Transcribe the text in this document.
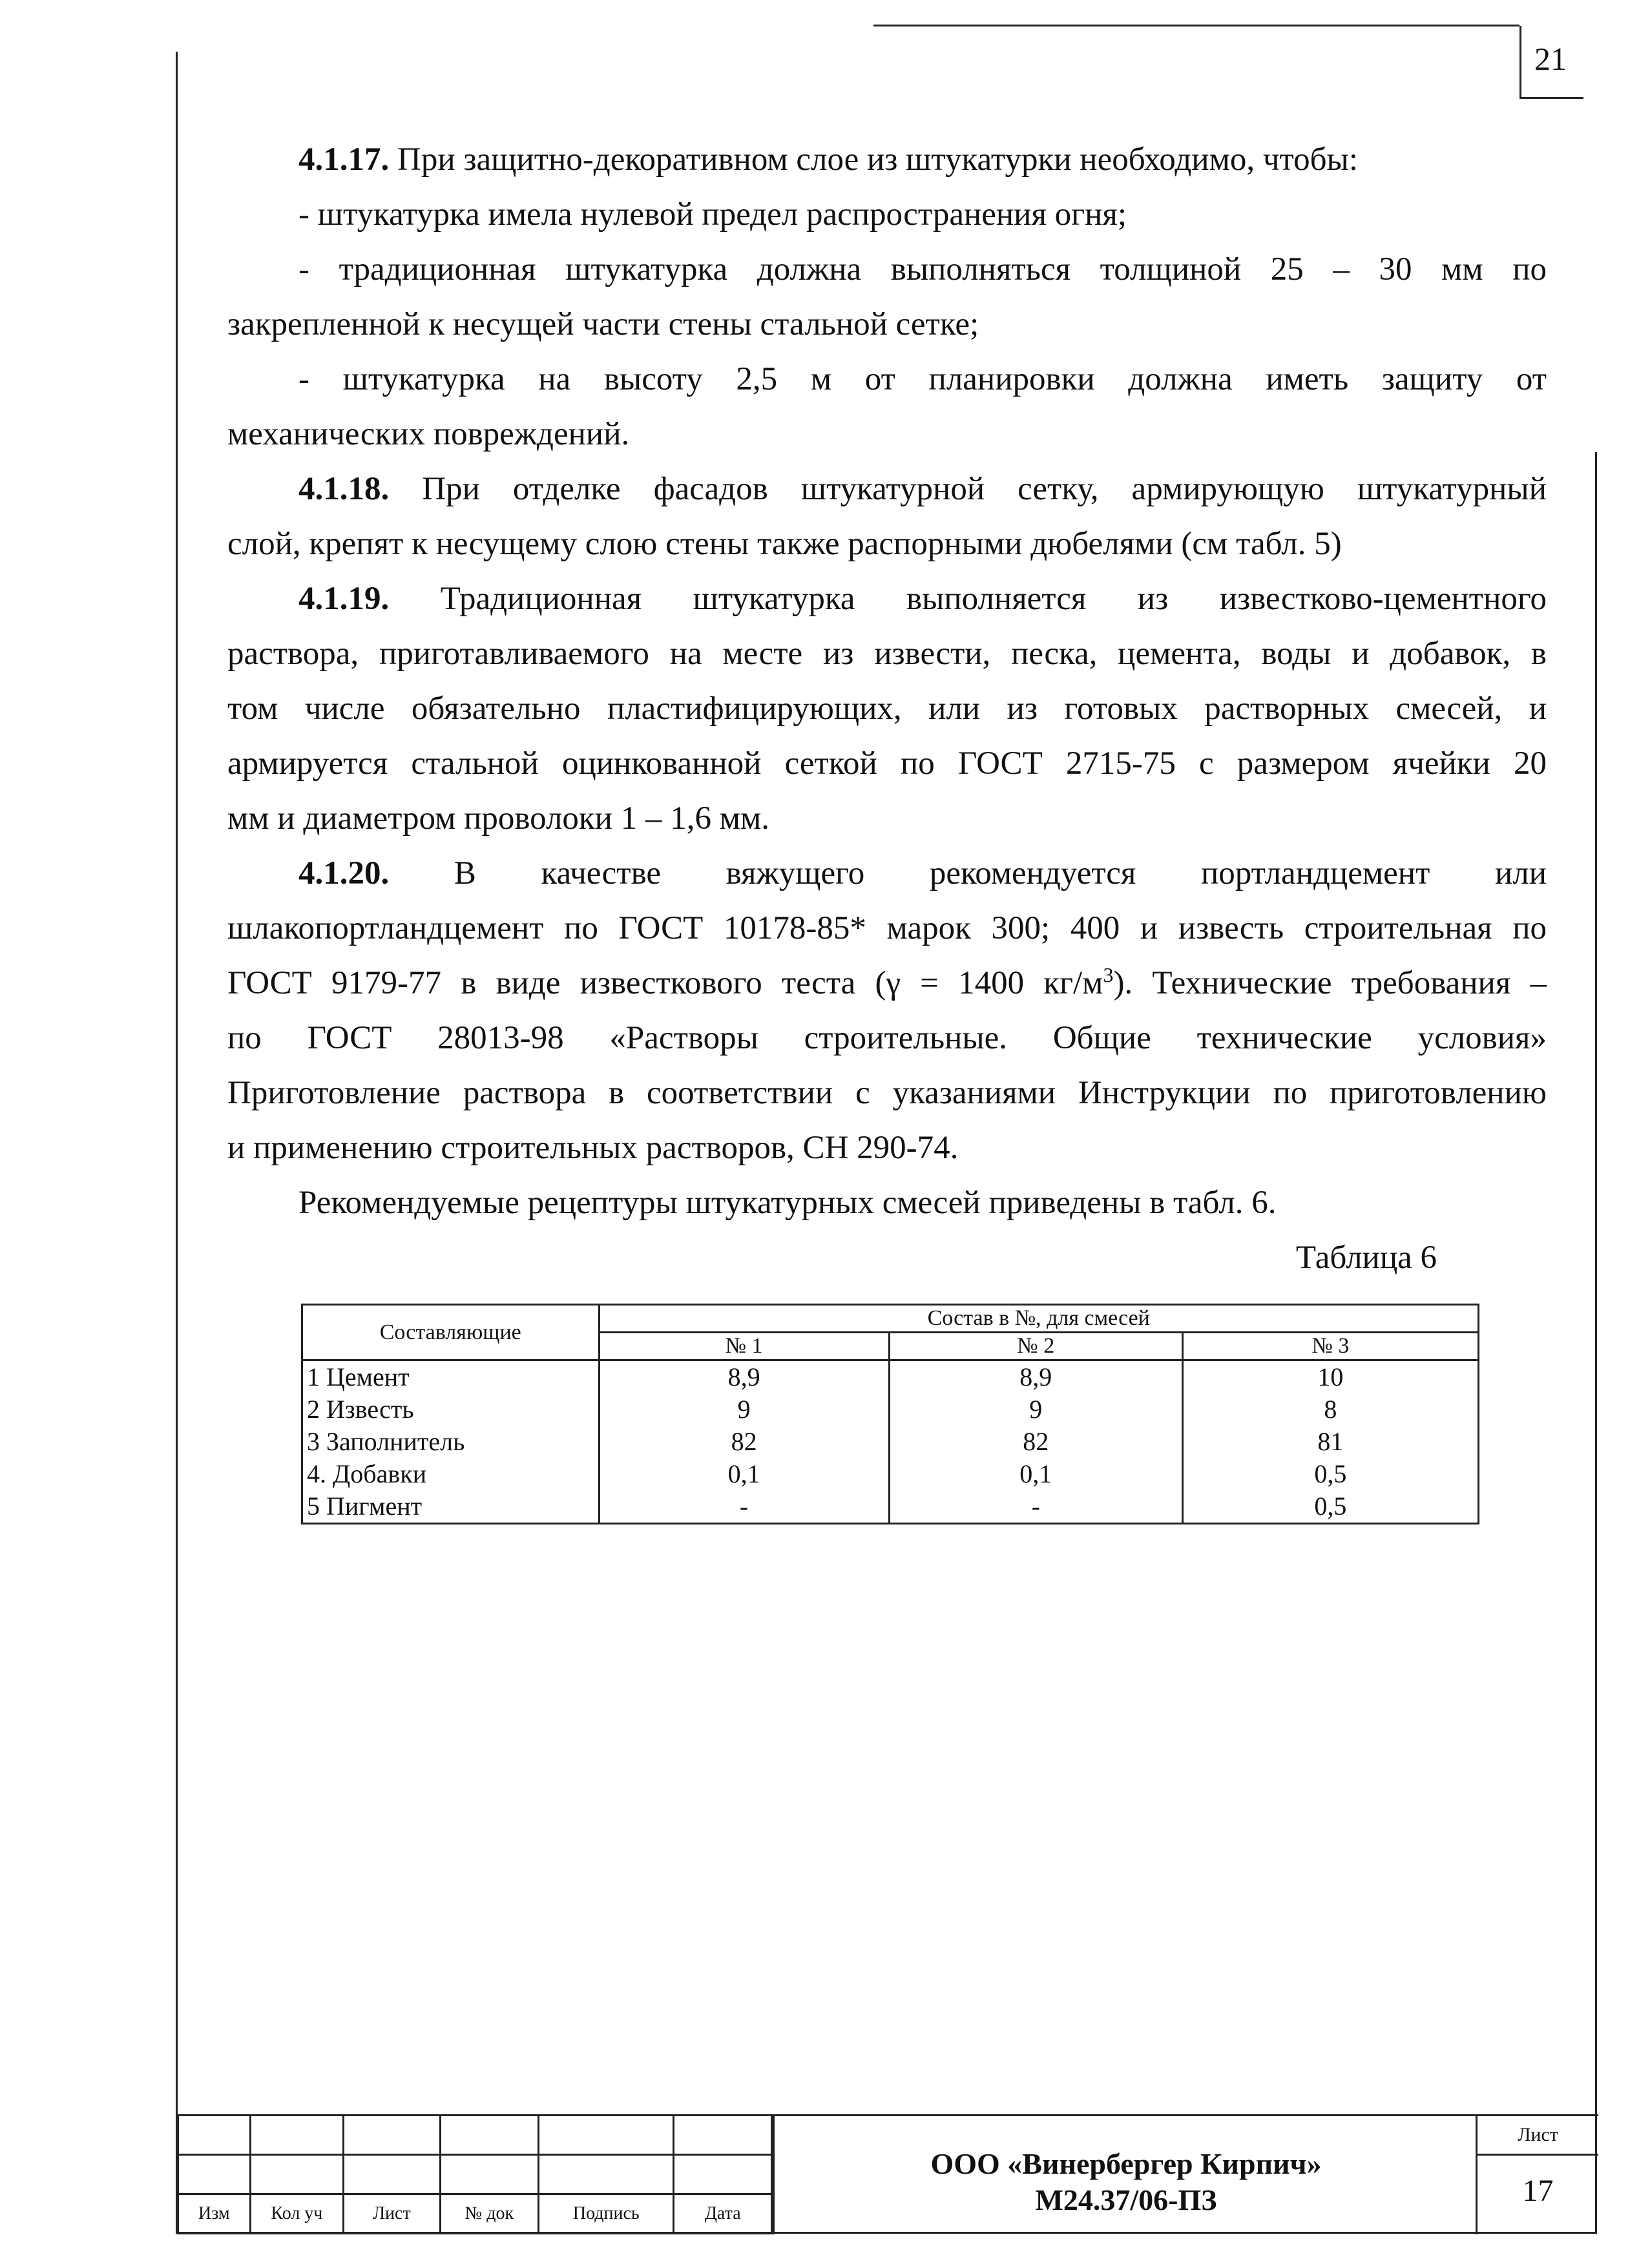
21

4.1.17. При защитно-декоративном слое из штукатурки необходимо, чтобы:

- штукатурка имела нулевой предел распространения огня;

- традиционная штукатурка должна выполняться толщиной 25 – 30 мм по

закрепленной к несущей части стены стальной сетке;

- штукатурка на высоту 2,5 м от планировки должна иметь защиту от

механических повреждений.

4.1.18. При отделке фасадов штукатурной сетку, армирующую штукатурный

слой, крепят к несущему слою стены также распорными дюбелями (см табл. 5)

4.1.19. Традиционная штукатурка выполняется из известково-цементного

раствора, приготавливаемого на месте из извести, песка, цемента, воды и добавок, в

том числе обязательно пластифицирующих, или из готовых растворных смесей, и

армируется стальной оцинкованной сеткой по ГОСТ 2715-75 с размером ячейки 20

мм и диаметром проволоки 1 – 1,6 мм.

4.1.20. В качестве вяжущего рекомендуется портландцемент или

шлакопортландцемент по ГОСТ 10178-85* марок 300; 400 и известь строительная по

ГОСТ 9179-77 в виде известкового теста (γ = 1400 $кг/м^3$). Технические требования –

по ГОСТ 28013-98 «Растворы строительные. Общие технические условия»

Приготовление раствора в соответствии с указаниями Инструкции по приготовлению

и применению строительных растворов, СН 290-74.

Рекомендуемые рецептуры штукатурных смесей приведены в табл. 6.

Таблица 6

Составляющие	Состав в №, для смесей		
	№ 1	№ 2	№ 3
1 Цемент	8,9	8,9	10
2 Известь	9	9	8
3 Заполнитель	82	82	81
4. Добавки	0,1	0,1	0,5
5 Пигмент	-	-	0,5

Изм	Кол уч	Лист	№ док	Подпись	Дата
ООО «Винербергер Кирпич»
М24.37/06-ПЗ
Лист
17
